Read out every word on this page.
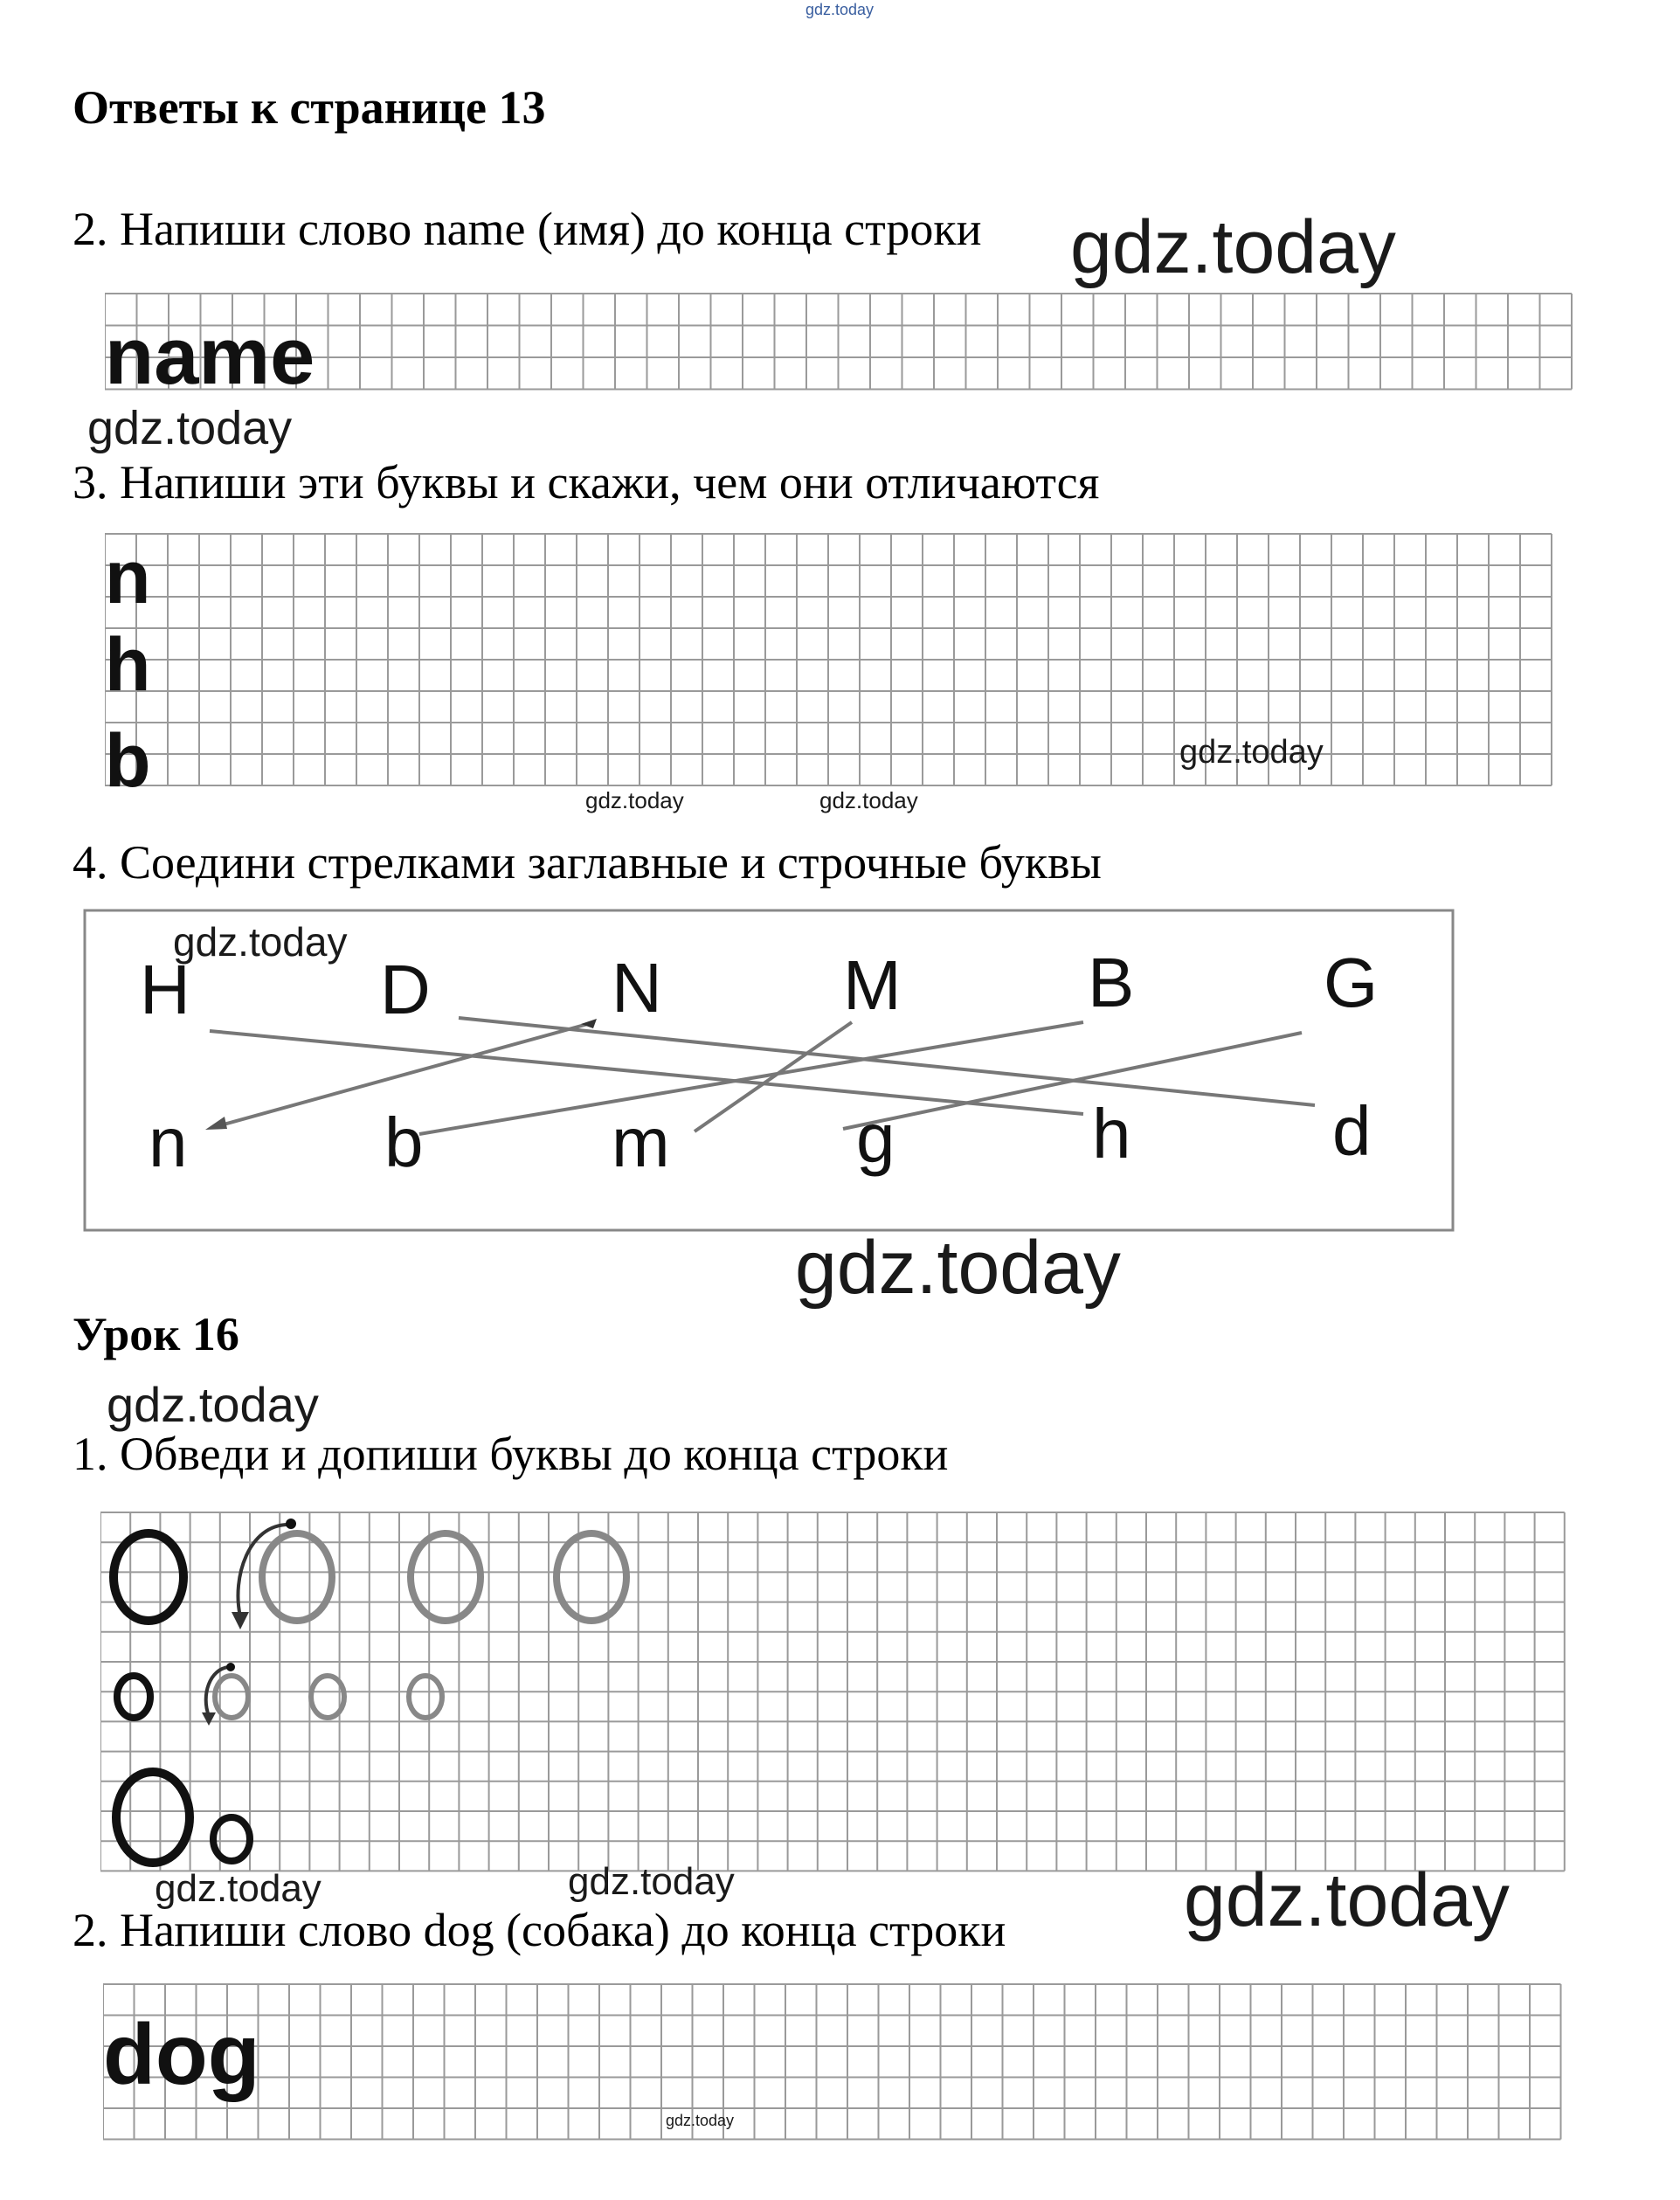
gdz.today
Ответы к странице 13
2. Напиши слово name (имя) до конца строки gdz.today
name
gdz.today
3. Напиши эти буквы и скажи, чем они отличаются
n
h
b	gdz.today
gdz.today	gdz.today
4. Соедини стрелками заглавные и строчные буквы
H	D	N	M	B	G
n	b	m	g	h	d
gdz.today
gdz.today
Урок 16
gdz.today
1. Обведи и допиши буквы до конца строки
gdz.today	gdz.today	gdz.today
2. Напиши слово dog (собака) до конца строки
dog
gdz.today
